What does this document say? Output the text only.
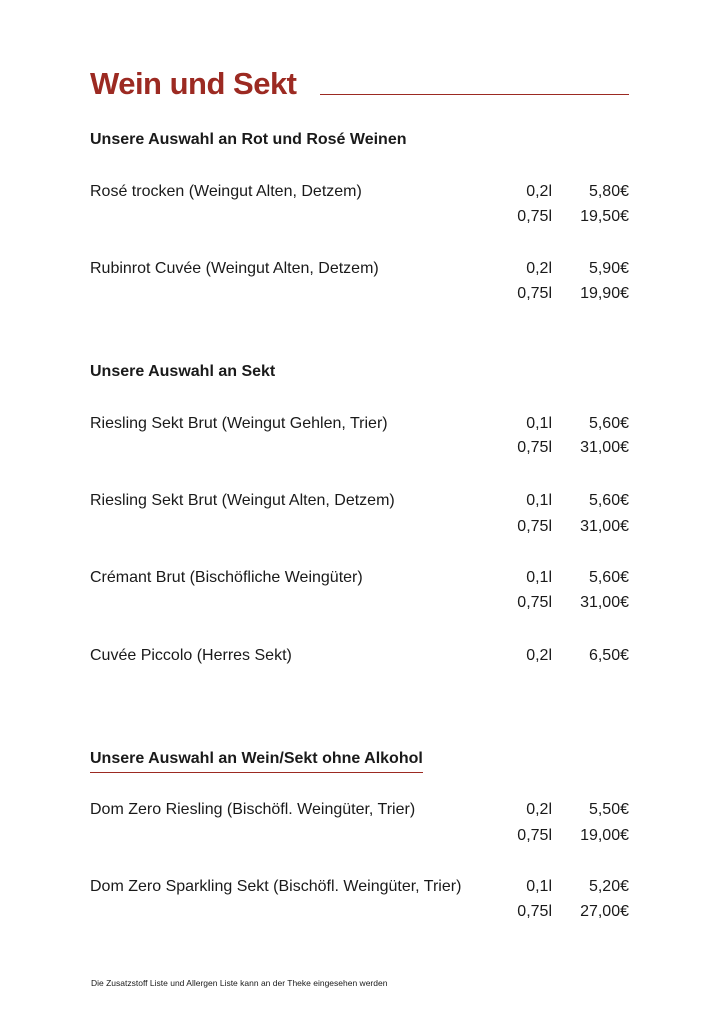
Wein und Sekt
Unsere Auswahl an Rot und Rosé Weinen
Rosé trocken (Weingut Alten, Detzem)	0,2l 5,80€
0,75l 19,50€
Rubinrot Cuvée (Weingut Alten, Detzem)	0,2l 5,90€
0,75l 19,90€
Unsere Auswahl an Sekt
Riesling Sekt Brut (Weingut Gehlen, Trier)	0,1l 5,60€
0,75l 31,00€
Riesling Sekt Brut (Weingut Alten, Detzem)	0,1l 5,60€
0,75l 31,00€
Crémant Brut (Bischöfliche Weingüter)	0,1l 5,60€
0,75l 31,00€
Cuvée Piccolo (Herres Sekt)	0,2l 6,50€
Unsere Auswahl an Wein/Sekt ohne Alkohol
Dom Zero Riesling (Bischöfl. Weingüter, Trier)	0,2l 5,50€
0,75l 19,00€
Dom Zero Sparkling Sekt (Bischöfl. Weingüter, Trier)	0,1l 5,20€
0,75l 27,00€
Die Zusatzstoff Liste und Allergen Liste kann an der Theke eingesehen werden
